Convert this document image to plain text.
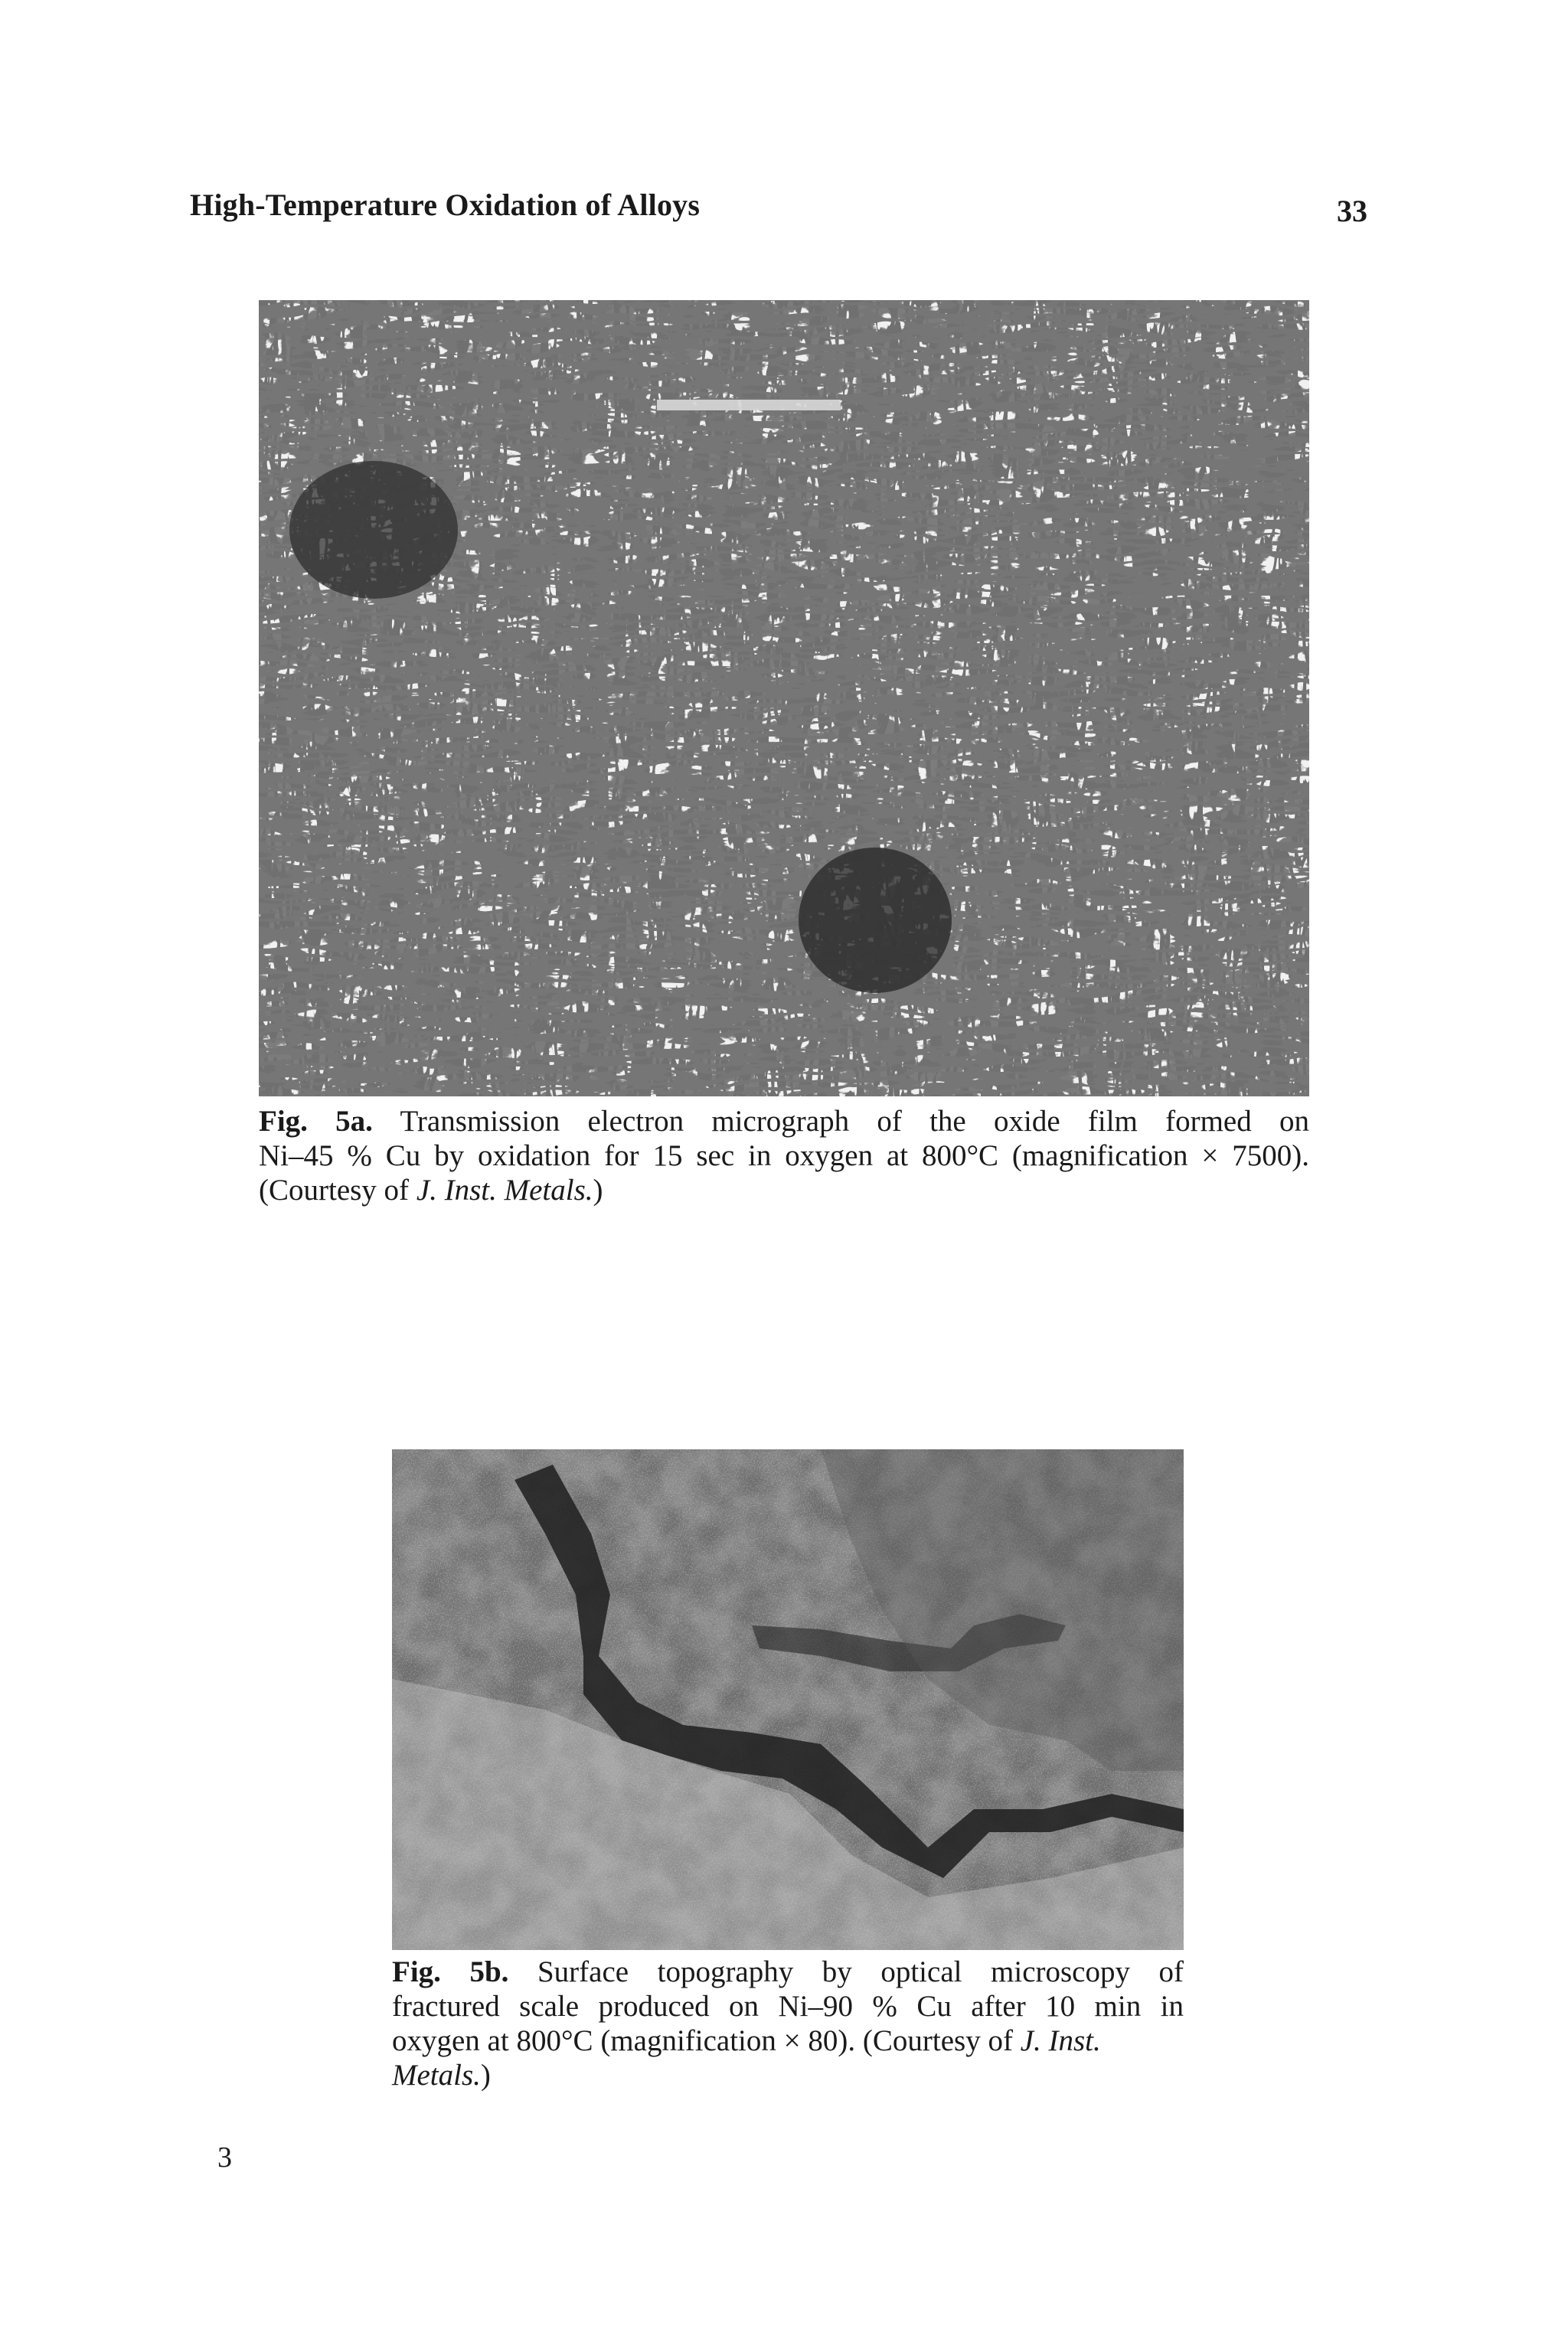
High-Temperature Oxidation of Alloys	33
Fig. 5a. Transmission electron micrograph of the oxide film formed on
Ni–45 % Cu by oxidation for 15 sec in oxygen at 800°C (magnification × 7500).
(Courtesy of J. Inst. Metals.)
Fig. 5b. Surface topography by optical microscopy of
fractured scale produced on Ni–90 % Cu after 10 min in
oxygen at 800°C (magnification × 80). (Courtesy of J. Inst.
Metals.)
3
